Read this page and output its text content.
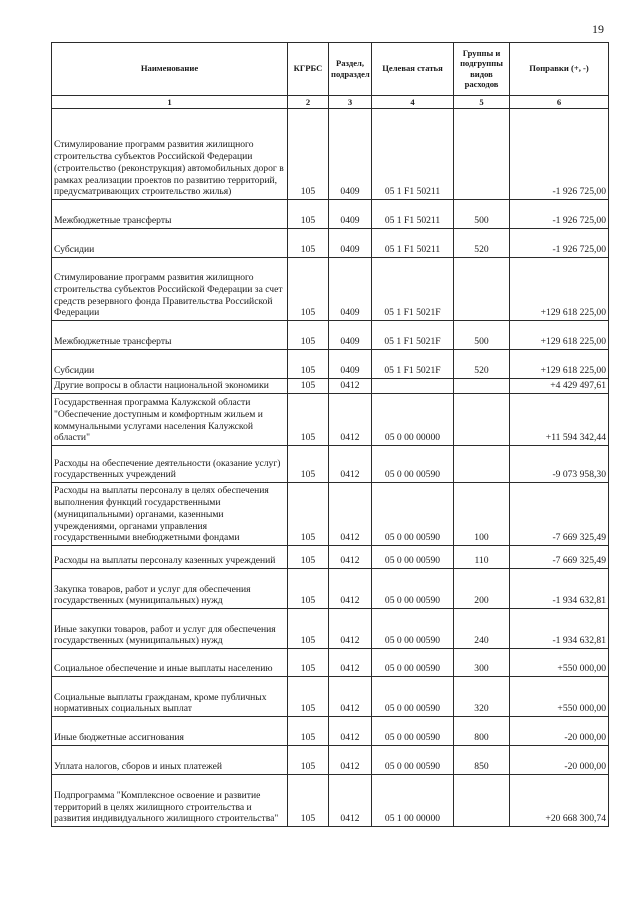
19
Наименование	КГРБС	Раздел, подраздел	Целевая статья	Группы и подгруппы видов расходов	Поправки (+, -)
1	2	3	4	5	6
Стимулирование программ развития жилищного строительства субъектов Российской Федерации (строительство (реконструкция) автомобильных дорог в рамках реализации проектов по развитию территорий, предусматривающих строительство жилья)	105	0409	05 1 F1 50211		-1 926 725,00
Межбюджетные трансферты	105	0409	05 1 F1 50211	500	-1 926 725,00
Субсидии	105	0409	05 1 F1 50211	520	-1 926 725,00
Стимулирование программ развития жилищного строительства субъектов Российской Федерации за счет средств резервного фонда Правительства Российской Федерации	105	0409	05 1 F1 5021F		+129 618 225,00
Межбюджетные трансферты	105	0409	05 1 F1 5021F	500	+129 618 225,00
Субсидии	105	0409	05 1 F1 5021F	520	+129 618 225,00
Другие вопросы в области национальной экономики	105	0412			+4 429 497,61
Государственная программа Калужской области "Обеспечение доступным и комфортным жильем и коммунальными услугами населения Калужской области"	105	0412	05 0 00 00000		+11 594 342,44
Расходы на обеспечение деятельности (оказание услуг) государственных учреждений	105	0412	05 0 00 00590		-9 073 958,30
Расходы на выплаты персоналу в целях обеспечения выполнения функций государственными (муниципальными) органами, казенными учреждениями, органами управления государственными внебюджетными фондами	105	0412	05 0 00 00590	100	-7 669 325,49
Расходы на выплаты персоналу казенных учреждений	105	0412	05 0 00 00590	110	-7 669 325,49
Закупка товаров, работ и услуг для обеспечения государственных (муниципальных) нужд	105	0412	05 0 00 00590	200	-1 934 632,81
Иные закупки товаров, работ и услуг для обеспечения государственных (муниципальных) нужд	105	0412	05 0 00 00590	240	-1 934 632,81
Социальное обеспечение и иные выплаты населению	105	0412	05 0 00 00590	300	+550 000,00
Социальные выплаты гражданам, кроме публичных нормативных социальных выплат	105	0412	05 0 00 00590	320	+550 000,00
Иные бюджетные ассигнования	105	0412	05 0 00 00590	800	-20 000,00
Уплата налогов, сборов и иных платежей	105	0412	05 0 00 00590	850	-20 000,00
Подпрограмма "Комплексное освоение и развитие территорий в целях жилищного строительства и развития индивидуального жилищного строительства"	105	0412	05 1 00 00000		+20 668 300,74
